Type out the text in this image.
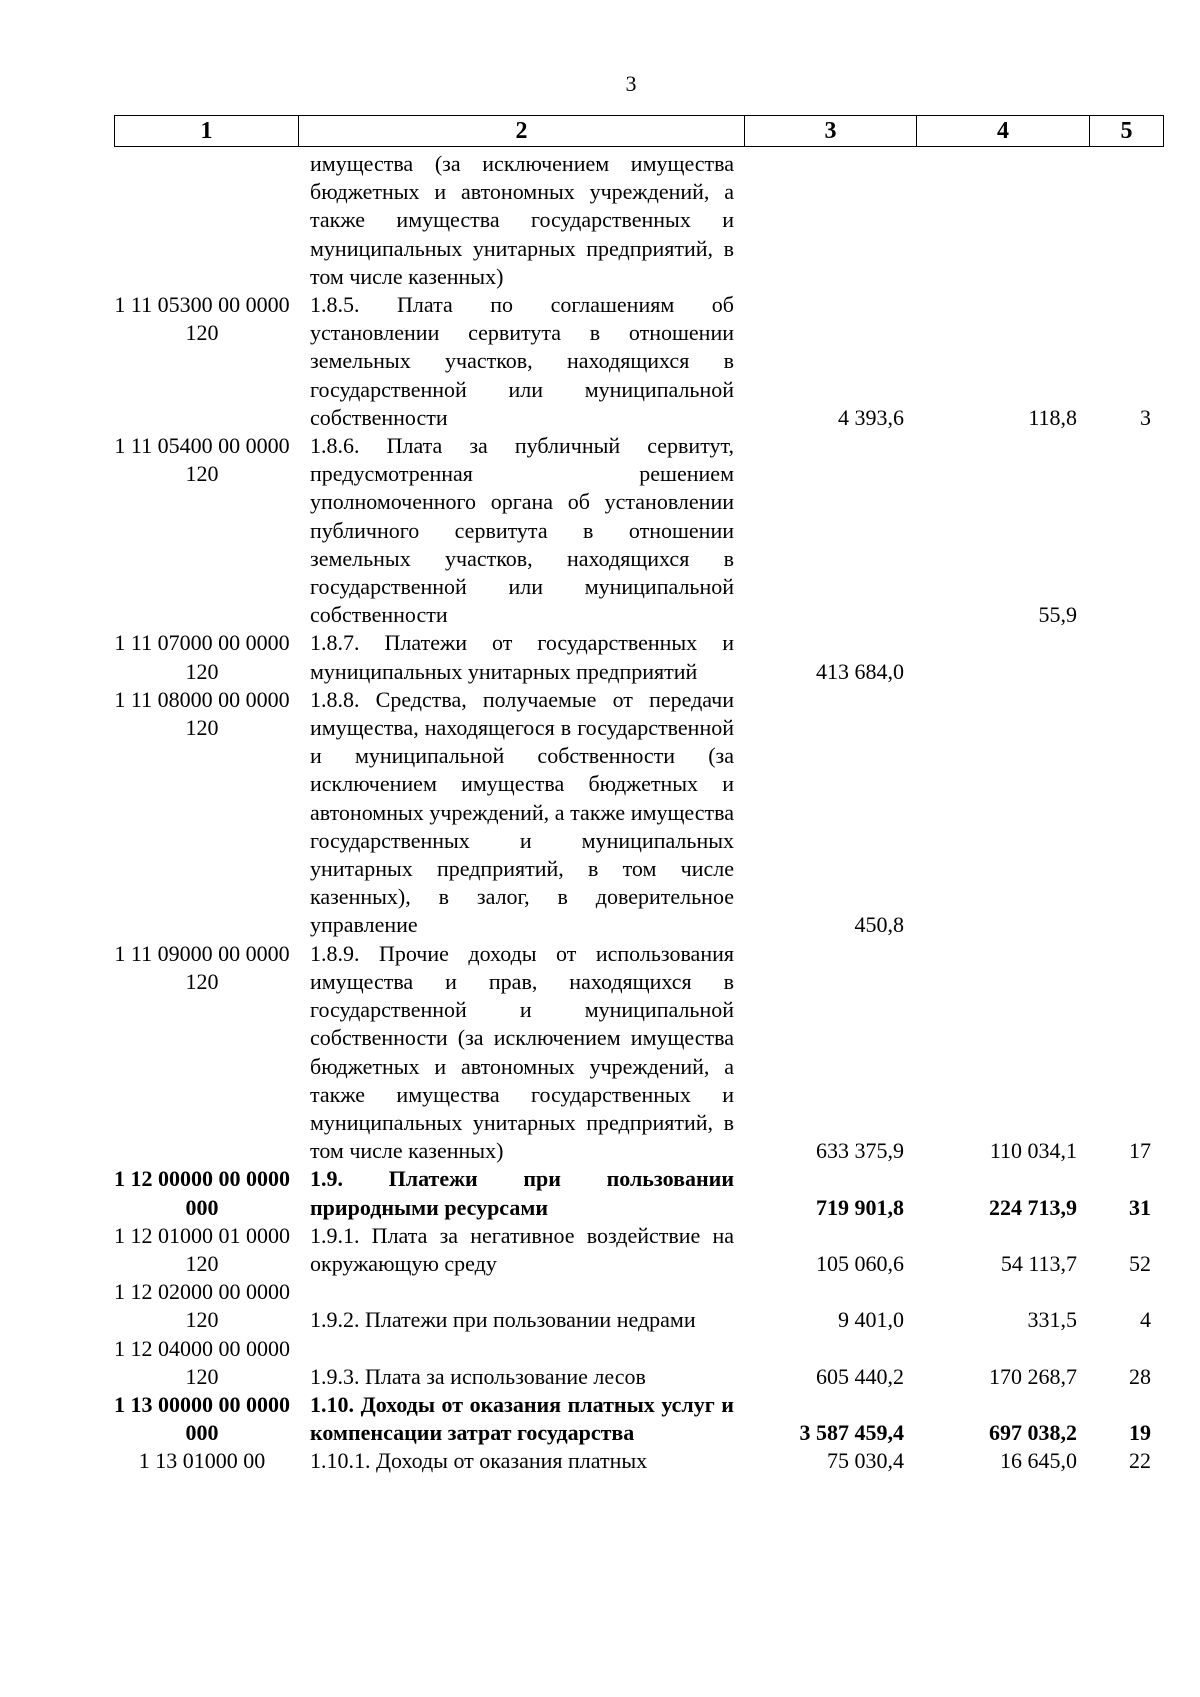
3
1	2	3	4	5
	имущества (за исключением имущества бюджетных и автономных учреждений, а также имущества государственных и муниципальных унитарных предприятий, в том числе казенных)			
1 11 05300 00 0000 120	1.8.5. Плата по соглашениям об установлении сервитута в отношении земельных участков, находящихся в государственной или муниципальной собственности	4 393,6	118,8	3
1 11 05400 00 0000 120	1.8.6. Плата за публичный сервитут, предусмотренная решением уполномоченного органа об установлении публичного сервитута в отношении земельных участков, находящихся в государственной или муниципальной собственности		55,9	
1 11 07000 00 0000 120	1.8.7. Платежи от государственных и муниципальных унитарных предприятий	413 684,0		
1 11 08000 00 0000 120	1.8.8. Средства, получаемые от передачи имущества, находящегося в государственной и муниципальной собственности (за исключением имущества бюджетных и автономных учреждений, а также имущества государственных и муниципальных унитарных предприятий, в том числе казенных), в залог, в доверительное управление	450,8		
1 11 09000 00 0000 120	1.8.9. Прочие доходы от использования имущества и прав, находящихся в государственной и муниципальной собственности (за исключением имущества бюджетных и автономных учреждений, а также имущества государственных и муниципальных унитарных предприятий, в том числе казенных)	633 375,9	110 034,1	17
1 12 00000 00 0000 000	1.9. Платежи при пользовании природными ресурсами	719 901,8	224 713,9	31
1 12 01000 01 0000 120	1.9.1. Плата за негативное воздействие на окружающую среду	105 060,6	54 113,7	52
1 12 02000 00 0000 120	1.9.2. Платежи при пользовании недрами	9 401,0	331,5	4
1 12 04000 00 0000 120	1.9.3. Плата за использование лесов	605 440,2	170 268,7	28
1 13 00000 00 0000 000	1.10. Доходы от оказания платных услуг и компенсации затрат государства	3 587 459,4	697 038,2	19
1 13 01000 00	1.10.1. Доходы от оказания платных	75 030,4	16 645,0	22
